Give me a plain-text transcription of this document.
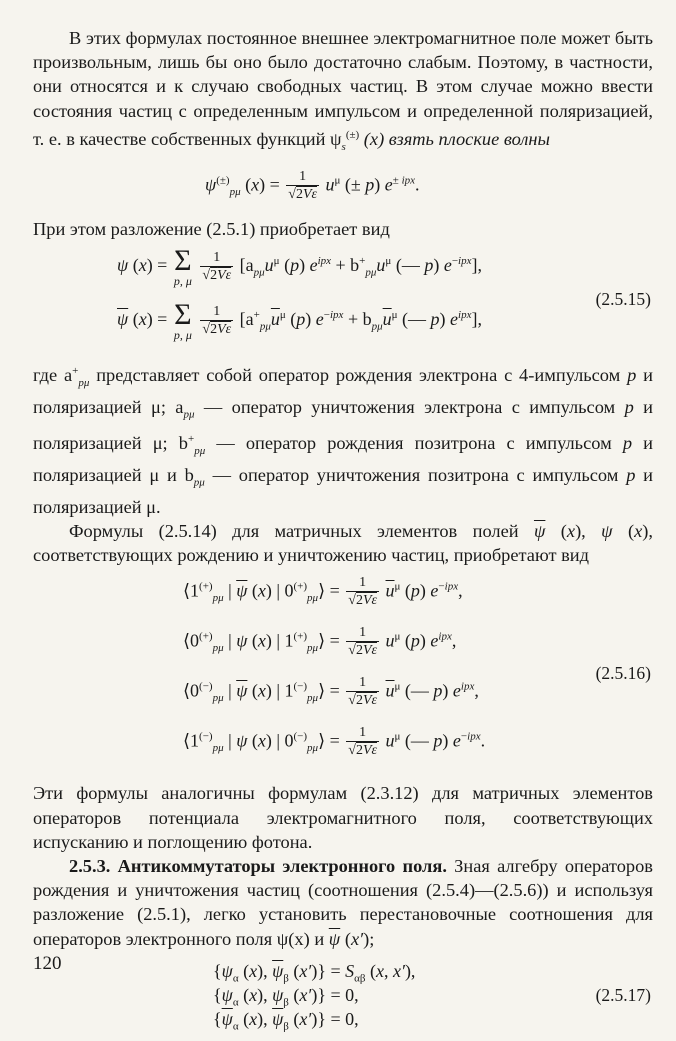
В этих формулах постоянное внешнее электромагнитное поле может быть произвольным, лишь бы оно было достаточно слабым. Поэтому, в частности, они относятся и к случаю свободных частиц. В этом случае можно ввести состояния частиц с определенным импульсом и определенной поляризацией, т. е. в качестве собственных функций $\psi_s^{(\pm)}$ (x) взять плоские волны

$\psi^{(\pm)}_{p\mu}$ $(x) = \frac{1}{√2V\varepsilon} u^\mu$ (± p) $e^{\pm ipx}$.

При этом разложение (2.5.1) приобретает вид

ψ (x) = Σ
p, μ
$\frac{1}{√2V\varepsilon} [a_{p\mu}u^\mu$ (p) $e^{ipx} + b^+_{p\mu}u^\mu$ (— p) $e^{-ipx}$],
$\overline{\psi}$ (x) = Σ
p, μ
$\frac{1}{√2V\varepsilon} [a^+_{p\mu}\overline{u}^\mu$ (p) $e^{-ipx} + b_{p\mu}\overline{u}^\mu$ (— p) $e^{ipx}$],
(2.5.15)

где $a^+_{p\mu}$ представляет собой оператор рождения электрона с 4-импульсом p и поляризацией μ; $a_{p\mu}$ — оператор уничтожения электрона с импульсом p и поляризацией μ; $b^+_{p\mu}$ — оператор рождения позитрона с импульсом p и поляризацией μ и $b_{p\mu}$ — оператор уничтожения позитрона с импульсом p и поляризацией μ.

Формулы (2.5.14) для матричных элементов полей $\overline{\psi}$ (x), ψ (x), соответствующих рождению и уничтожению частиц, приобретают вид

$⟨1^{(+)}_{p\mu}$ | $\overline{\psi}$ (x) | $0^{(+)}_{p\mu}⟩ = \frac{1}{√2V\varepsilon} \overline{u}^\mu$ (p) $e^{-ipx}$,
$⟨0^{(+)}_{p\mu}$ | ψ (x) | $1^{(+)}_{p\mu}⟩ = \frac{1}{√2V\varepsilon} u^\mu$ (p) $e^{ipx}$,
$⟨0^{(-)}_{p\mu}$ | $\overline{\psi}$ (x) | $1^{(-)}_{p\mu}⟩ = \frac{1}{√2V\varepsilon} \overline{u}^\mu$ (— p) $e^{ipx}$,
$⟨1^{(-)}_{p\mu}$ | ψ (x) | $0^{(-)}_{p\mu}⟩ = \frac{1}{√2V\varepsilon} u^\mu$ (— p) $e^{-ipx}$.
(2.5.16)

Эти формулы аналогичны формулам (2.3.12) для матричных элементов операторов потенциала электромагнитного поля, соответствующих испусканию и поглощению фотона.

2.5.3. Антикоммутаторы электронного поля. Зная алгебру операторов рождения и уничтожения частиц (соотношения (2.5.4)—(2.5.6)) и используя разложение (2.5.1), легко установить перестановочные соотношения для операторов электронного поля ψ(x) и $\overline{\psi}$ (x′);

{$\psi_\alpha$ (x), $\overline{\psi}_\beta$ $(x')\} = S_{\alpha\beta}$ (x, x′),
{$\psi_\alpha$ (x), $\psi_\beta$ (x′)} = 0,
{$\overline{\psi}_\alpha$ (x), $\overline{\psi}_\beta$ (x′)} = 0,
(2.5.17)
120
